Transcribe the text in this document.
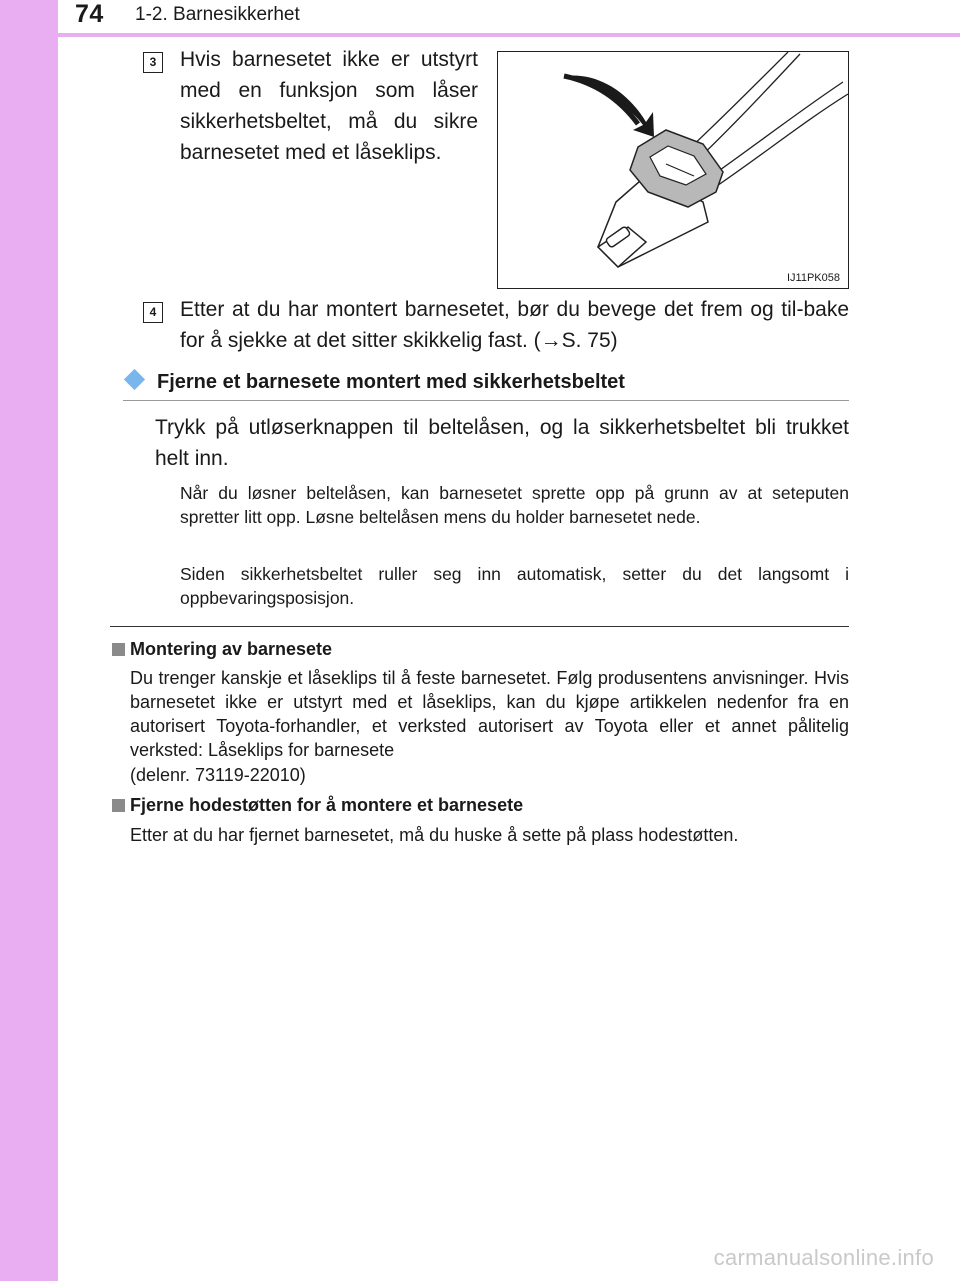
74 1-2. Barnesikkerhet
3	Hvis barnesetet ikke er utstyrt med en funksjon som låser sikkerhetsbeltet, må du sikre barnesetet med et låseklips.
IJ11PK058
4	Etter at du har montert barnesetet, bør du bevege det frem og til-bake for å sjekke at det sitter skikkelig fast. (→S. 75)
Fjerne et barnesete montert med sikkerhetsbeltet
Trykk på utløserknappen til beltelåsen, og la sikkerhetsbeltet bli trukket helt inn.
Når du løsner beltelåsen, kan barnesetet sprette opp på grunn av at seteputen spretter litt opp. Løsne beltelåsen mens du holder barnesetet nede.
Siden sikkerhetsbeltet ruller seg inn automatisk, setter du det langsomt i oppbevaringsposisjon.
Montering av barnesete
Du trenger kanskje et låseklips til å feste barnesetet. Følg produsentens anvisninger. Hvis barnesetet ikke er utstyrt med et låseklips, kan du kjøpe artikkelen nedenfor fra en autorisert Toyota-forhandler, et verksted autorisert av Toyota eller et annet pålitelig verksted: Låseklips for barnesete
(delenr. 73119-22010)
Fjerne hodestøtten for å montere et barnesete
Etter at du har fjernet barnesetet, må du huske å sette på plass hodestøtten.
carmanualsonline.info
